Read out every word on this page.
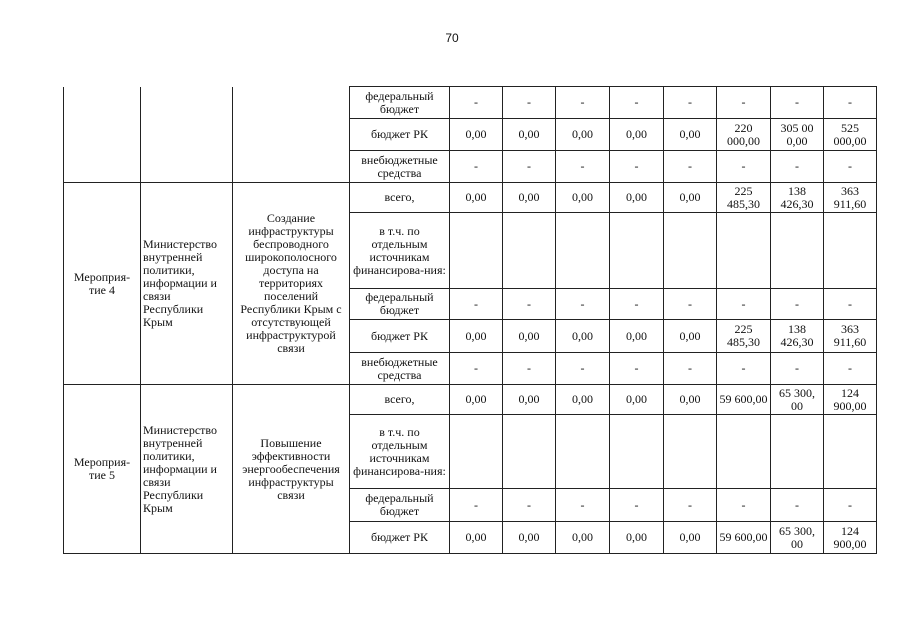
70
			федеральный бюджет	-	-	-	-	-	-	-	-
			бюджет РК	0,00	0,00	0,00	0,00	0,00	220 000,00	305 00 0,00	525 000,00
			внебюджетные средства	-	-	-	-	-	-	-	-
Мероприя-тие 4	Министерство внутренней политики, информации и связи Республики Крым	Создание инфраструктуры беспроводного широкополосного доступа на территориях поселений Республики Крым с отсутствующей инфраструктурой связи	всего,	0,00	0,00	0,00	0,00	0,00	225 485,30	138 426,30	363 911,60
			в т.ч. по отдельным источникам финансирова-ния:								
			федеральный бюджет	-	-	-	-	-	-	-	-
			бюджет РК	0,00	0,00	0,00	0,00	0,00	225 485,30	138 426,30	363 911,60
			внебюджетные средства	-	-	-	-	-	-	-	-
Мероприя-тие 5	Министерство внутренней политики, информации и связи Республики Крым	Повышение эффективности энергообеспечения инфраструктуры связи	всего,	0,00	0,00	0,00	0,00	0,00	59 600,00	65 300, 00	124 900,00
			в т.ч. по отдельным источникам финансирова-ния:								
			федеральный бюджет	-	-	-	-	-	-	-	-
			бюджет РК	0,00	0,00	0,00	0,00	0,00	59 600,00	65 300, 00	124 900,00
